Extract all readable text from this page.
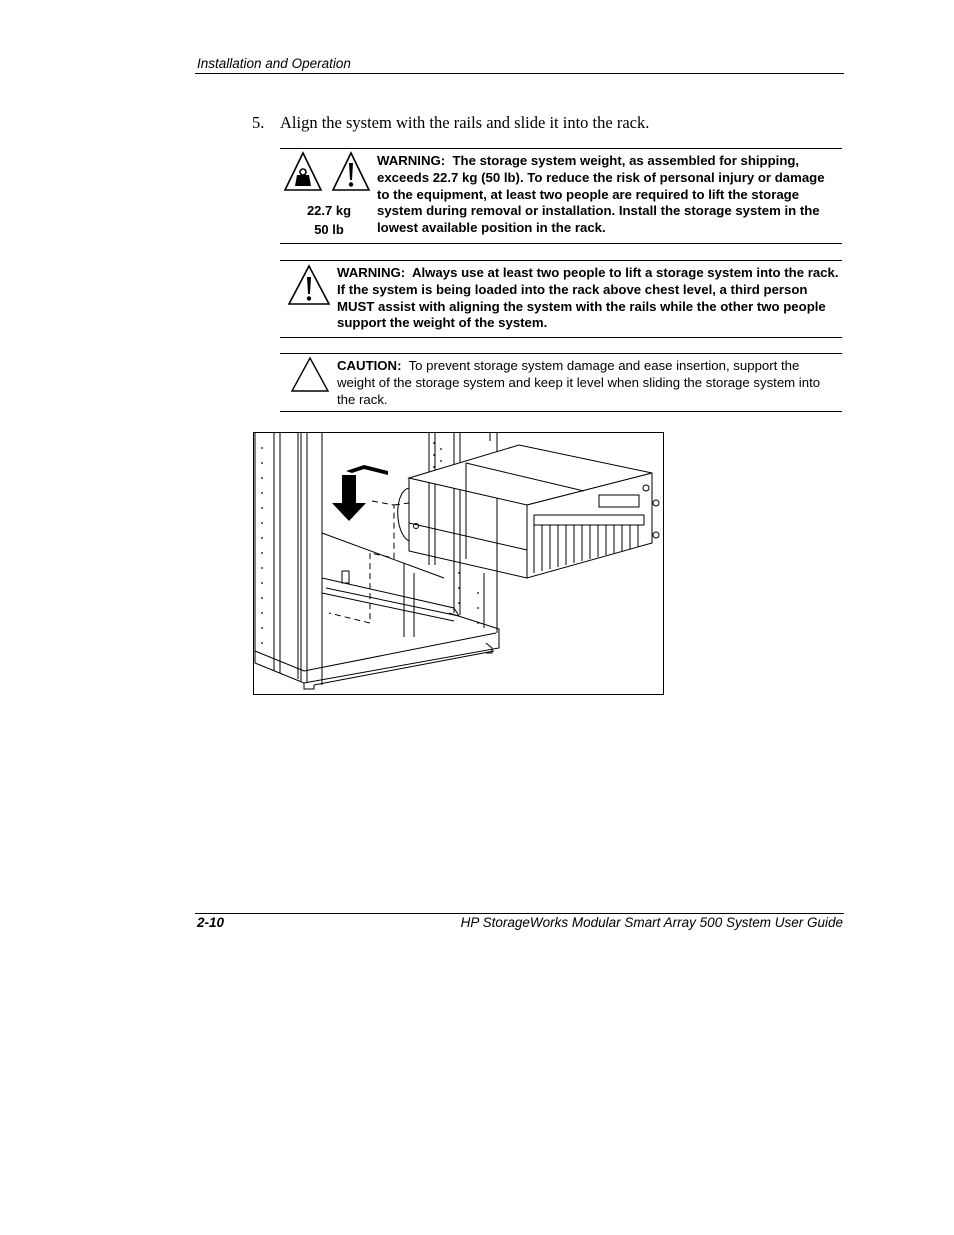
Installation and Operation
5. Align the system with the rails and slide it into the rack.
22.7 kg
50 lb
WARNING: The storage system weight, as assembled for shipping, exceeds 22.7 kg (50 lb). To reduce the risk of personal injury or damage to the equipment, at least two people are required to lift the storage system during removal or installation. Install the storage system in the lowest available position in the rack.
WARNING: Always use at least two people to lift a storage system into the rack. If the system is being loaded into the rack above chest level, a third person MUST assist with aligning the system with the rails while the other two people support the weight of the system.
CAUTION: To prevent storage system damage and ease insertion, support the weight of the storage system and keep it level when sliding the storage system into the rack.
2-10	HP StorageWorks Modular Smart Array 500 System User Guide
